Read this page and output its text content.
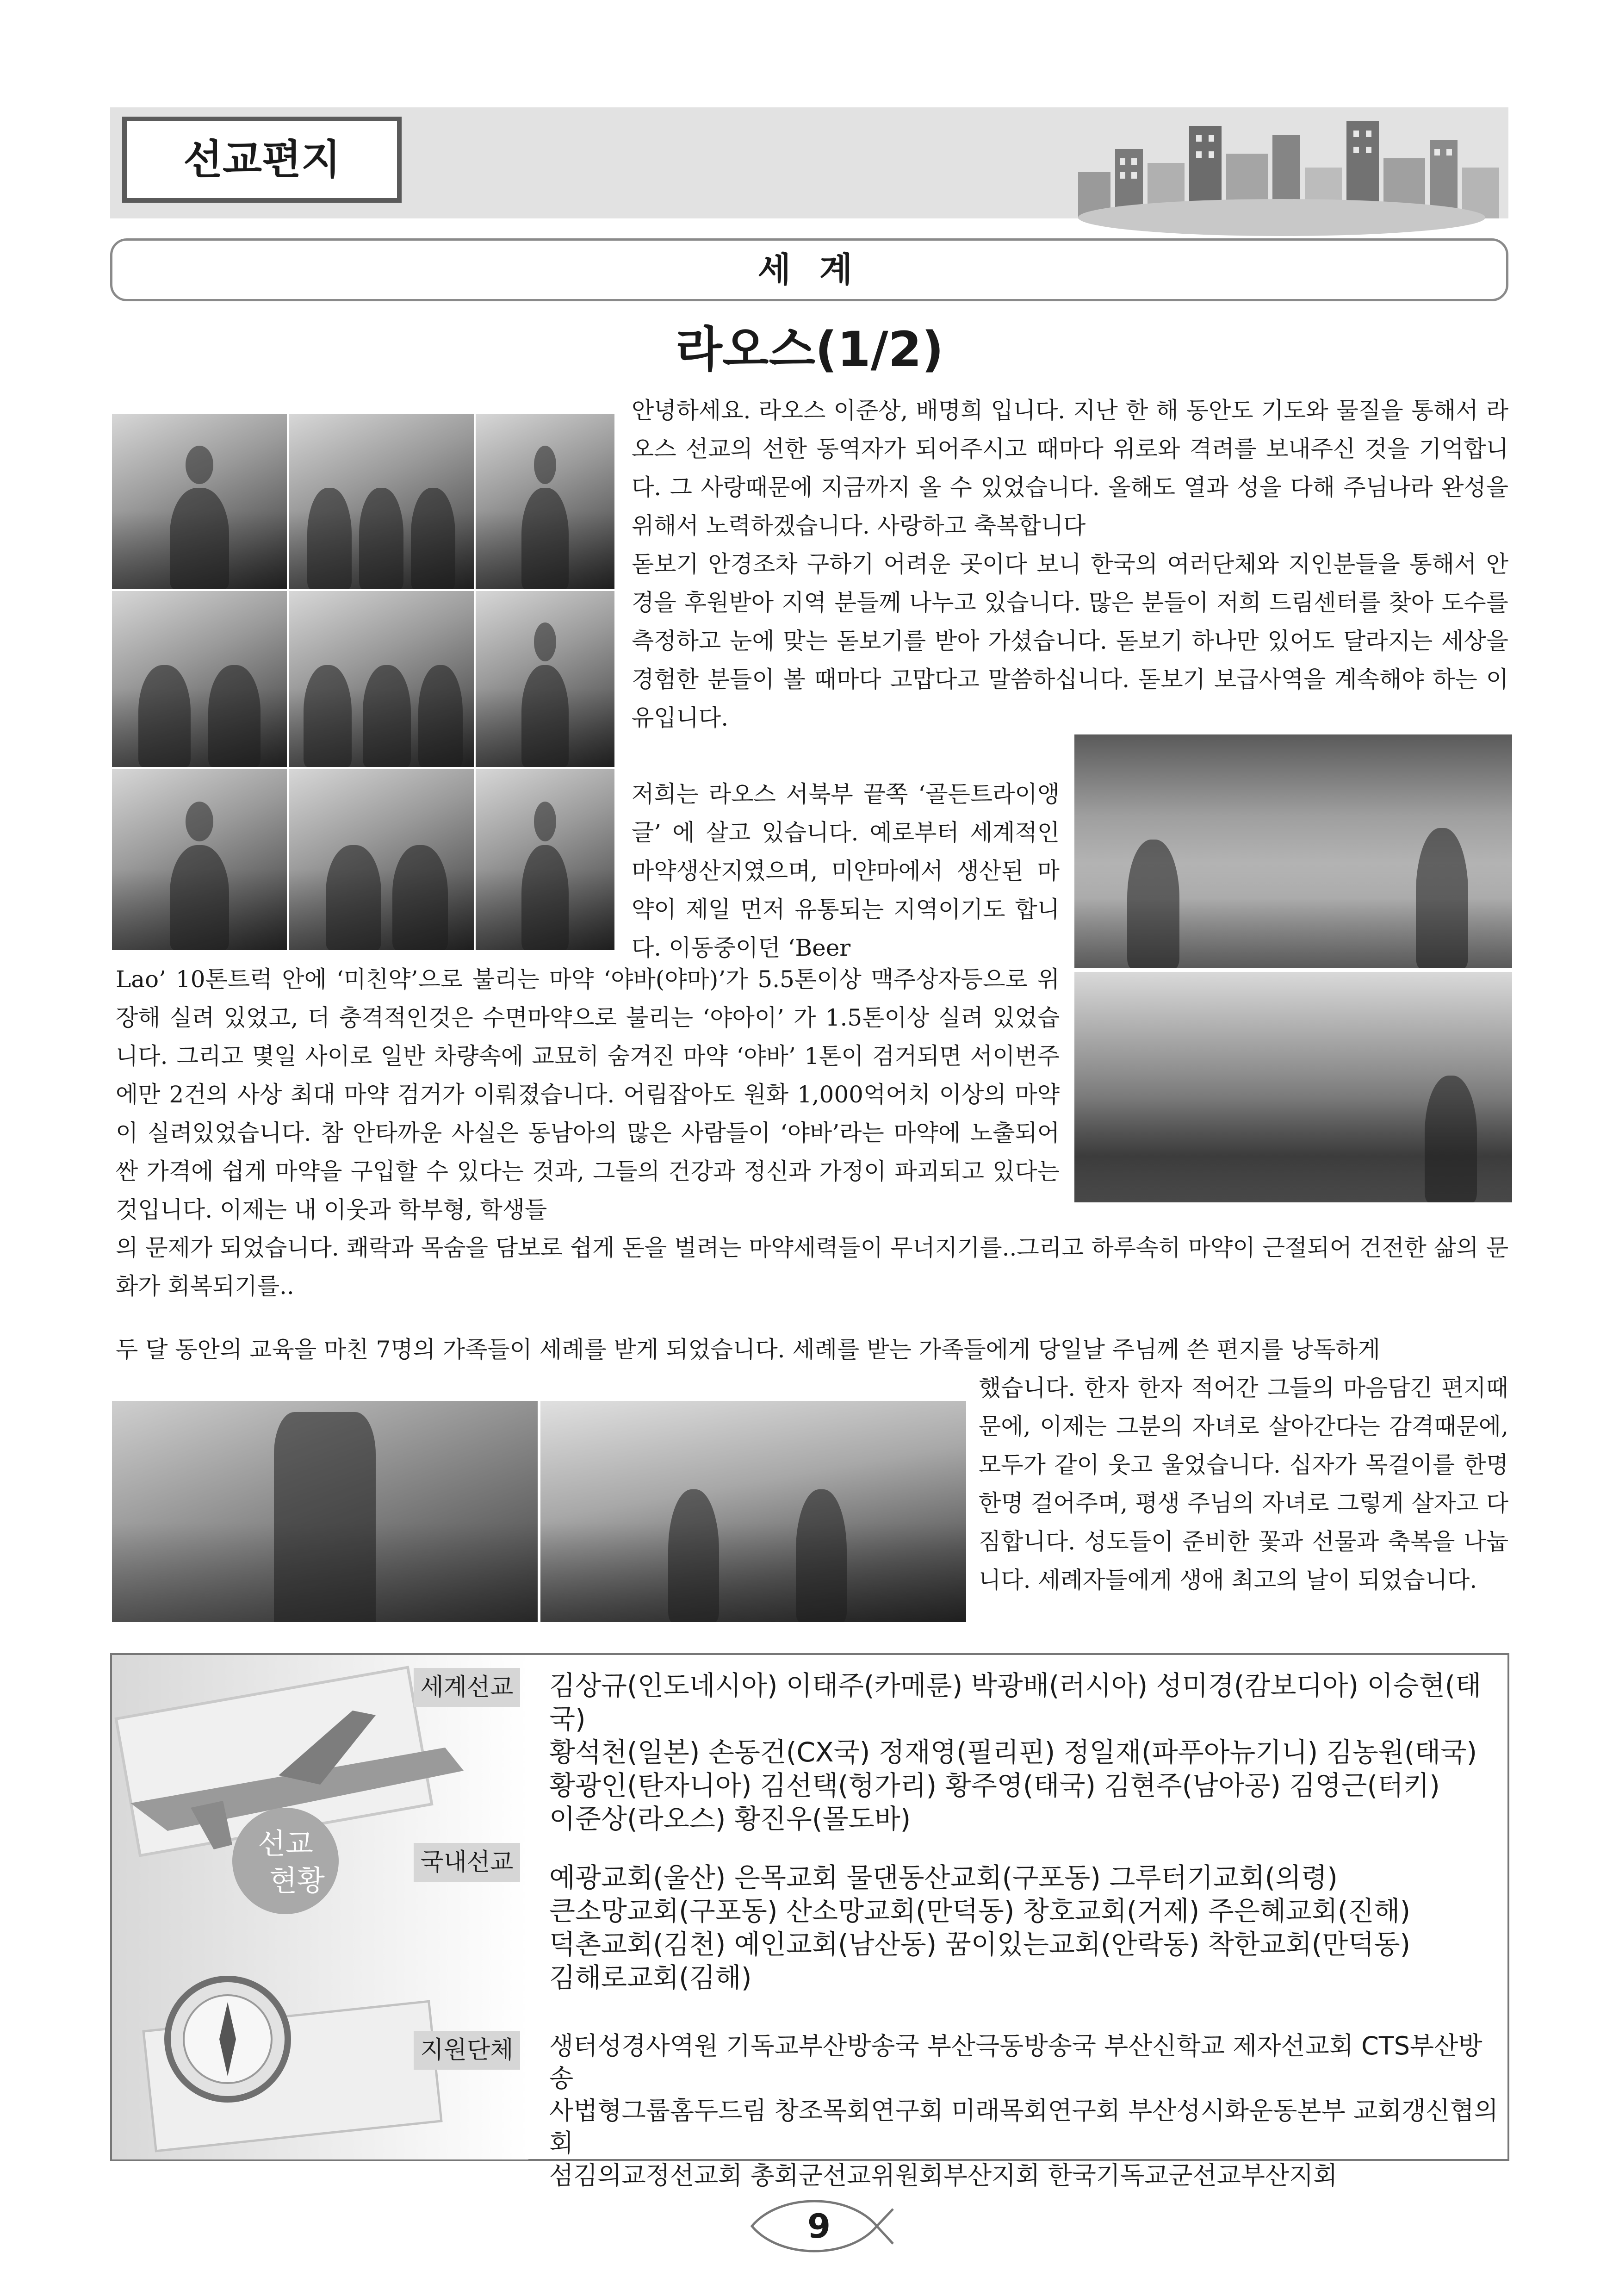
선교편지
세 계
라오스(1/2)

안녕하세요. 라오스 이준상, 배명희 입니다. 지난 한 해 동안도 기도와 물질을 통해서 라오스 선교의 선한 동역자가 되어주시고 때마다 위로와 격려를 보내주신 것을 기억합니다. 그 사랑때문에 지금까지 올 수 있었습니다. 올해도 열과 성을 다해 주님나라 완성을 위해서 노력하겠습니다. 사랑하고 축복합니다

돋보기 안경조차 구하기 어려운 곳이다 보니 한국의 여러단체와 지인분들을 통해서 안경을 후원받아 지역 분들께 나누고 있습니다. 많은 분들이 저희 드림센터를 찾아 도수를 측정하고 눈에 맞는 돋보기를 받아 가셨습니다. 돋보기 하나만 있어도 달라지는 세상을 경험한 분들이 볼 때마다 고맙다고 말씀하십니다. 돋보기 보급사역을 계속해야 하는 이유입니다.

저희는 라오스 서북부 끝쪽 ‘골든트라이앵글’ 에 살고 있습니다. 예로부터 세계적인 마약생산지였으며, 미얀마에서 생산된 마약이 제일 먼저 유통되는 지역이기도 합니다. 이동중이던 ‘Beer

Lao’ 10톤트럭 안에 ‘미친약’으로 불리는 마약 ‘야바(야마)’가 5.5톤이상 맥주상자등으로 위장해 실려 있었고, 더 충격적인것은 수면마약으로 불리는 ‘야아이’ 가 1.5톤이상 실려 있었습니다. 그리고 몇일 사이로 일반 차량속에 교묘히 숨겨진 마약 ‘야바’ 1톤이 검거되면 서이번주에만 2건의 사상 최대 마약 검거가 이뤄졌습니다. 어림잡아도 원화 1,000억어치 이상의 마약이 실려있었습니다. 참 안타까운 사실은 동남아의 많은 사람들이 ‘야바’라는 마약에 노출되어 싼 가격에 쉽게 마약을 구입할 수 있다는 것과, 그들의 건강과 정신과 가정이 파괴되고 있다는 것입니다. 이제는 내 이웃과 학부형, 학생들

의 문제가 되었습니다. 쾌락과 목숨을 담보로 쉽게 돈을 벌려는 마약세력들이 무너지기를..그리고 하루속히 마약이 근절되어 건전한 삶의 문화가 회복되기를..

두 달 동안의 교육을 마친 7명의 가족들이 세례를 받게 되었습니다. 세례를 받는 가족들에게 당일날 주님께 쓴 편지를 낭독하게

했습니다. 한자 한자 적어간 그들의 마음담긴 편지때문에, 이제는 그분의 자녀로 살아간다는 감격때문에, 모두가 같이 웃고 울었습니다. 십자가 목걸이를 한명 한명 걸어주며, 평생 주님의 자녀로 그렇게 살자고 다짐합니다. 성도들이 준비한 꽃과 선물과 축복을 나눕니다. 세례자들에게 생애 최고의 날이 되었습니다.

선교
현황
세계선교 김상규(인도네시아) 이태주(카메룬) 박광배(러시아) 성미경(캄보디아) 이승현(태국)
황석천(일본) 손동건(CX국) 정재영(필리핀) 정일재(파푸아뉴기니) 김농원(태국)
황광인(탄자니아) 김선택(헝가리) 황주영(태국) 김현주(남아공) 김영근(터키)
이준상(라오스) 황진우(몰도바)
국내선교 예광교회(울산) 은목교회 물댄동산교회(구포동) 그루터기교회(의령)
큰소망교회(구포동) 산소망교회(만덕동) 창호교회(거제) 주은혜교회(진해)
덕촌교회(김천) 예인교회(남산동) 꿈이있는교회(안락동) 착한교회(만덕동)
김해로교회(김해)
지원단체 생터성경사역원 기독교부산방송국 부산극동방송국 부산신학교 제자선교회 CTS부산방송
사법형그룹홈두드림 창조목회연구회 미래목회연구회 부산성시화운동본부 교회갱신협의회
섬김의교정선교회 총회군선교위원회부산지회 한국기독교군선교부산지회
9
